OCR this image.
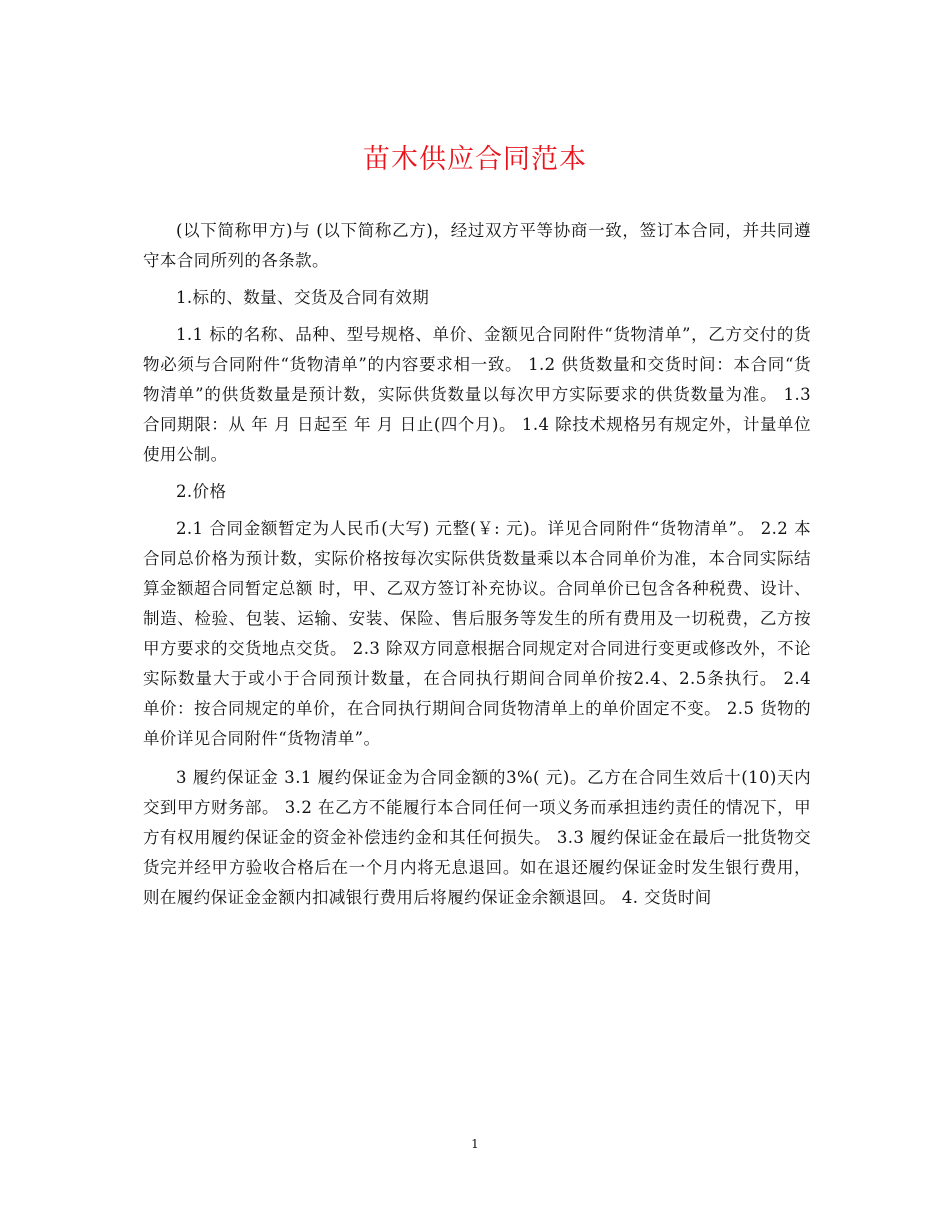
苗木供应合同范本

(以下简称甲方)与 (以下简称乙方)，经过双方平等协商一致，签订本合同，并共同遵守本合同所列的各条款。

1.标的、数量、交货及合同有效期

1.1 标的名称、品种、型号规格、单价、金额见合同附件“货物清单”，乙方交付的货物必须与合同附件“货物清单”的内容要求相一致。 1.2 供货数量和交货时间：本合同“货物清单”的供货数量是预计数，实际供货数量以每次甲方实际要求的供货数量为准。 1.3 合同期限：从 年 月 日起至 年 月 日止(四个月)。 1.4 除技术规格另有规定外，计量单位使用公制。

2.价格

2.1 合同金额暂定为人民币(大写) 元整(￥: 元)。详见合同附件“货物清单”。 2.2 本合同总价格为预计数，实际价格按每次实际供货数量乘以本合同单价为准，本合同实际结算金额超合同暂定总额 时，甲、乙双方签订补充协议。合同单价已包含各种税费、设计、制造、检验、包装、运输、安装、保险、售后服务等发生的所有费用及一切税费，乙方按甲方要求的交货地点交货。 2.3 除双方同意根据合同规定对合同进行变更或修改外，不论实际数量大于或小于合同预计数量，在合同执行期间合同单价按2.4、2.5条执行。 2.4 单价：按合同规定的单价，在合同执行期间合同货物清单上的单价固定不变。 2.5 货物的单价详见合同附件“货物清单”。

3 履约保证金 3.1 履约保证金为合同金额的3%( 元)。乙方在合同生效后十(10)天内交到甲方财务部。 3.2 在乙方不能履行本合同任何一项义务而承担违约责任的情况下，甲方有权用履约保证金的资金补偿违约金和其任何损失。 3.3 履约保证金在最后一批货物交货完并经甲方验收合格后在一个月内将无息退回。如在退还履约保证金时发生银行费用，则在履约保证金金额内扣减银行费用后将履约保证金余额退回。 4. 交货时间

1
